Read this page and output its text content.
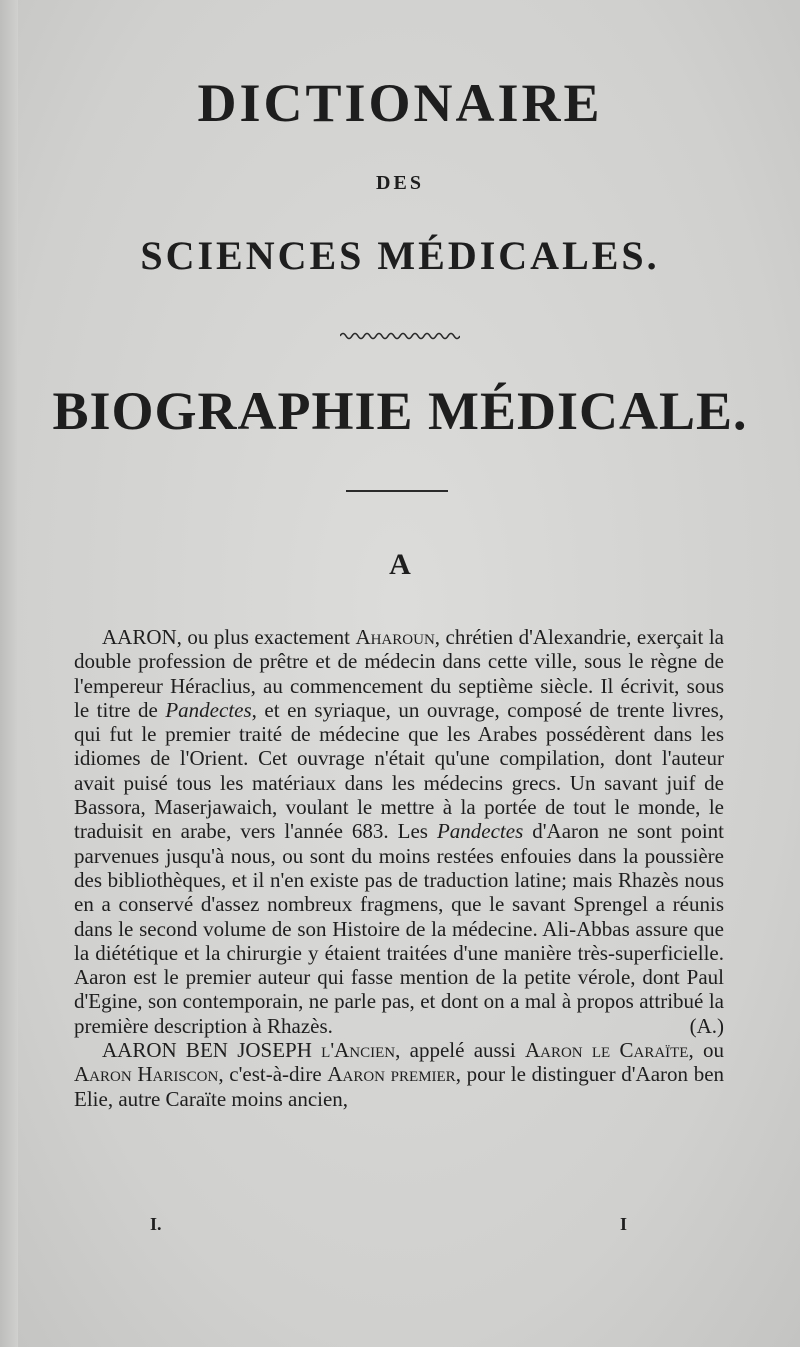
DICTIONAIRE
DES
SCIENCES MÉDICALES.
BIOGRAPHIE MÉDICALE.
A

AARON, ou plus exactement Aharoun, chrétien d'Alexandrie, exerçait la double profession de prêtre et de médecin dans cette ville, sous le règne de l'empereur Héraclius, au commencement du septième siècle. Il écrivit, sous le titre de Pandectes, et en syriaque, un ouvrage, composé de trente livres, qui fut le premier traité de médecine que les Arabes possédèrent dans les idiomes de l'Orient. Cet ouvrage n'était qu'une compilation, dont l'auteur avait puisé tous les matériaux dans les médecins grecs. Un savant juif de Bassora, Maserjawaich, voulant le mettre à la portée de tout le monde, le traduisit en arabe, vers l'année 683. Les Pandectes d'Aaron ne sont point parvenues jusqu'à nous, ou sont du moins restées enfouies dans la poussière des bibliothèques, et il n'en existe pas de traduction latine; mais Rhazès nous en a conservé d'assez nombreux fragmens, que le savant Sprengel a réunis dans le second volume de son Histoire de la médecine. Ali-Abbas assure que la diététique et la chirurgie y étaient traitées d'une manière très-superficielle. Aaron est le premier auteur qui fasse mention de la petite vérole, dont Paul d'Egine, son contemporain, ne parle pas, et dont on a mal à propos attribué la première description à Rhazès.	(A.)

AARON BEN JOSEPH l'Ancien, appelé aussi Aaron le Caraïte, ou Aaron Hariscon, c'est-à-dire Aaron premier, pour le distinguer d'Aaron ben Elie, autre Caraïte moins ancien,

I.	I
